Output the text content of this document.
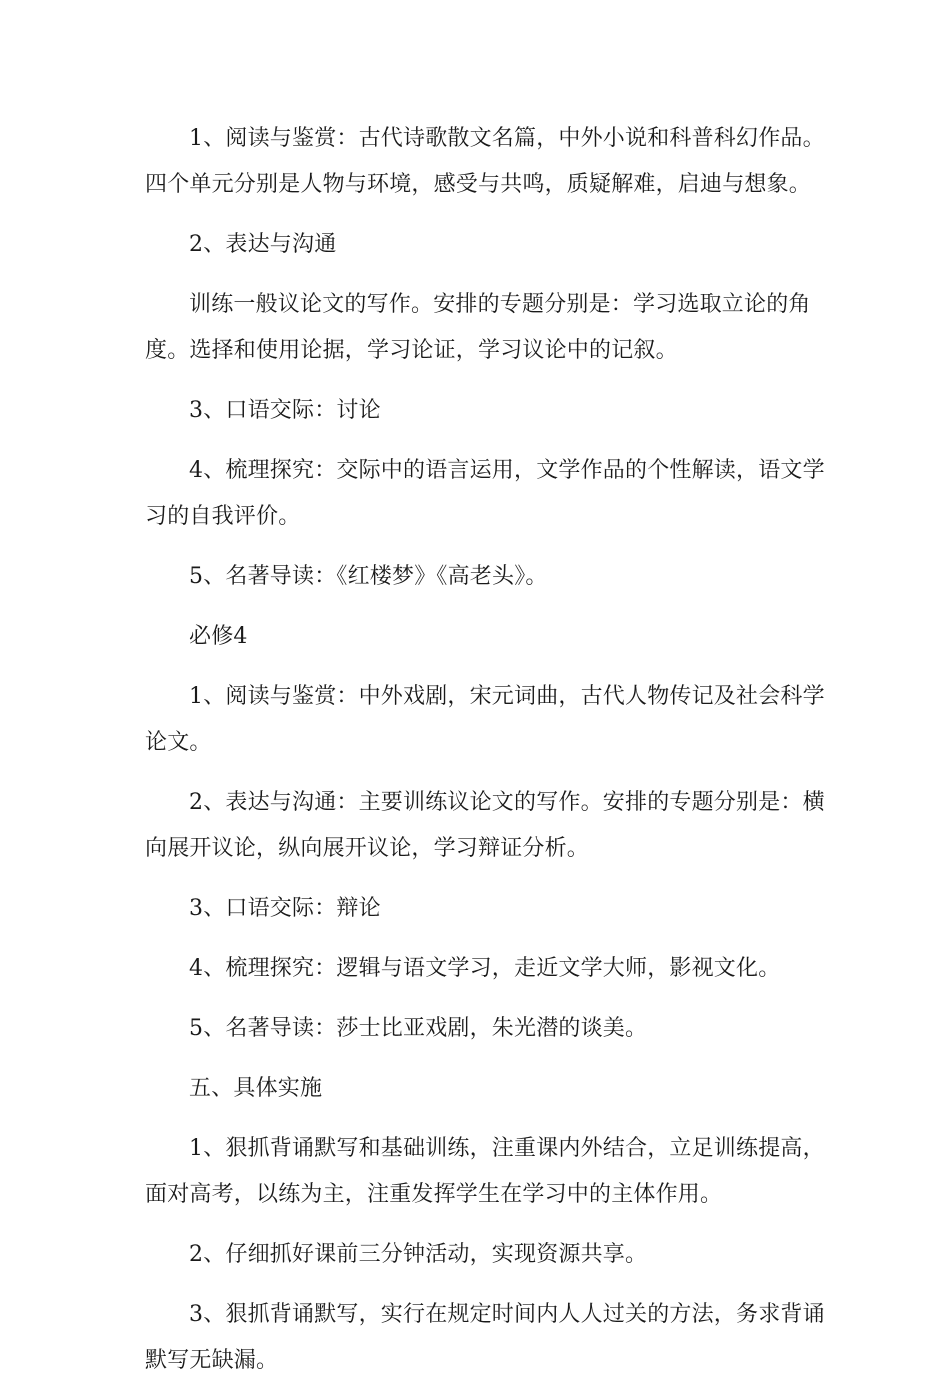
1、阅读与鉴赏：古代诗歌散文名篇，中外小说和科普科幻作品。四个单元分别是人物与环境，感受与共鸣，质疑解难，启迪与想象。

2、表达与沟通

训练一般议论文的写作。安排的专题分别是：学习选取立论的角度。选择和使用论据，学习论证，学习议论中的记叙。

3、口语交际：讨论

4、梳理探究：交际中的语言运用，文学作品的个性解读，语文学习的自我评价。

5、名著导读：《红楼梦》《高老头》。

必修4

1、阅读与鉴赏：中外戏剧，宋元词曲，古代人物传记及社会科学论文。

2、表达与沟通：主要训练议论文的写作。安排的专题分别是：横向展开议论，纵向展开议论，学习辩证分析。

3、口语交际：辩论

4、梳理探究：逻辑与语文学习，走近文学大师，影视文化。

5、名著导读：莎士比亚戏剧，朱光潜的谈美。

五、具体实施

1、狠抓背诵默写和基础训练，注重课内外结合，立足训练提高，面对高考，以练为主，注重发挥学生在学习中的主体作用。

2、仔细抓好课前三分钟活动，实现资源共享。

3、狠抓背诵默写，实行在规定时间内人人过关的方法，务求背诵默写无缺漏。
